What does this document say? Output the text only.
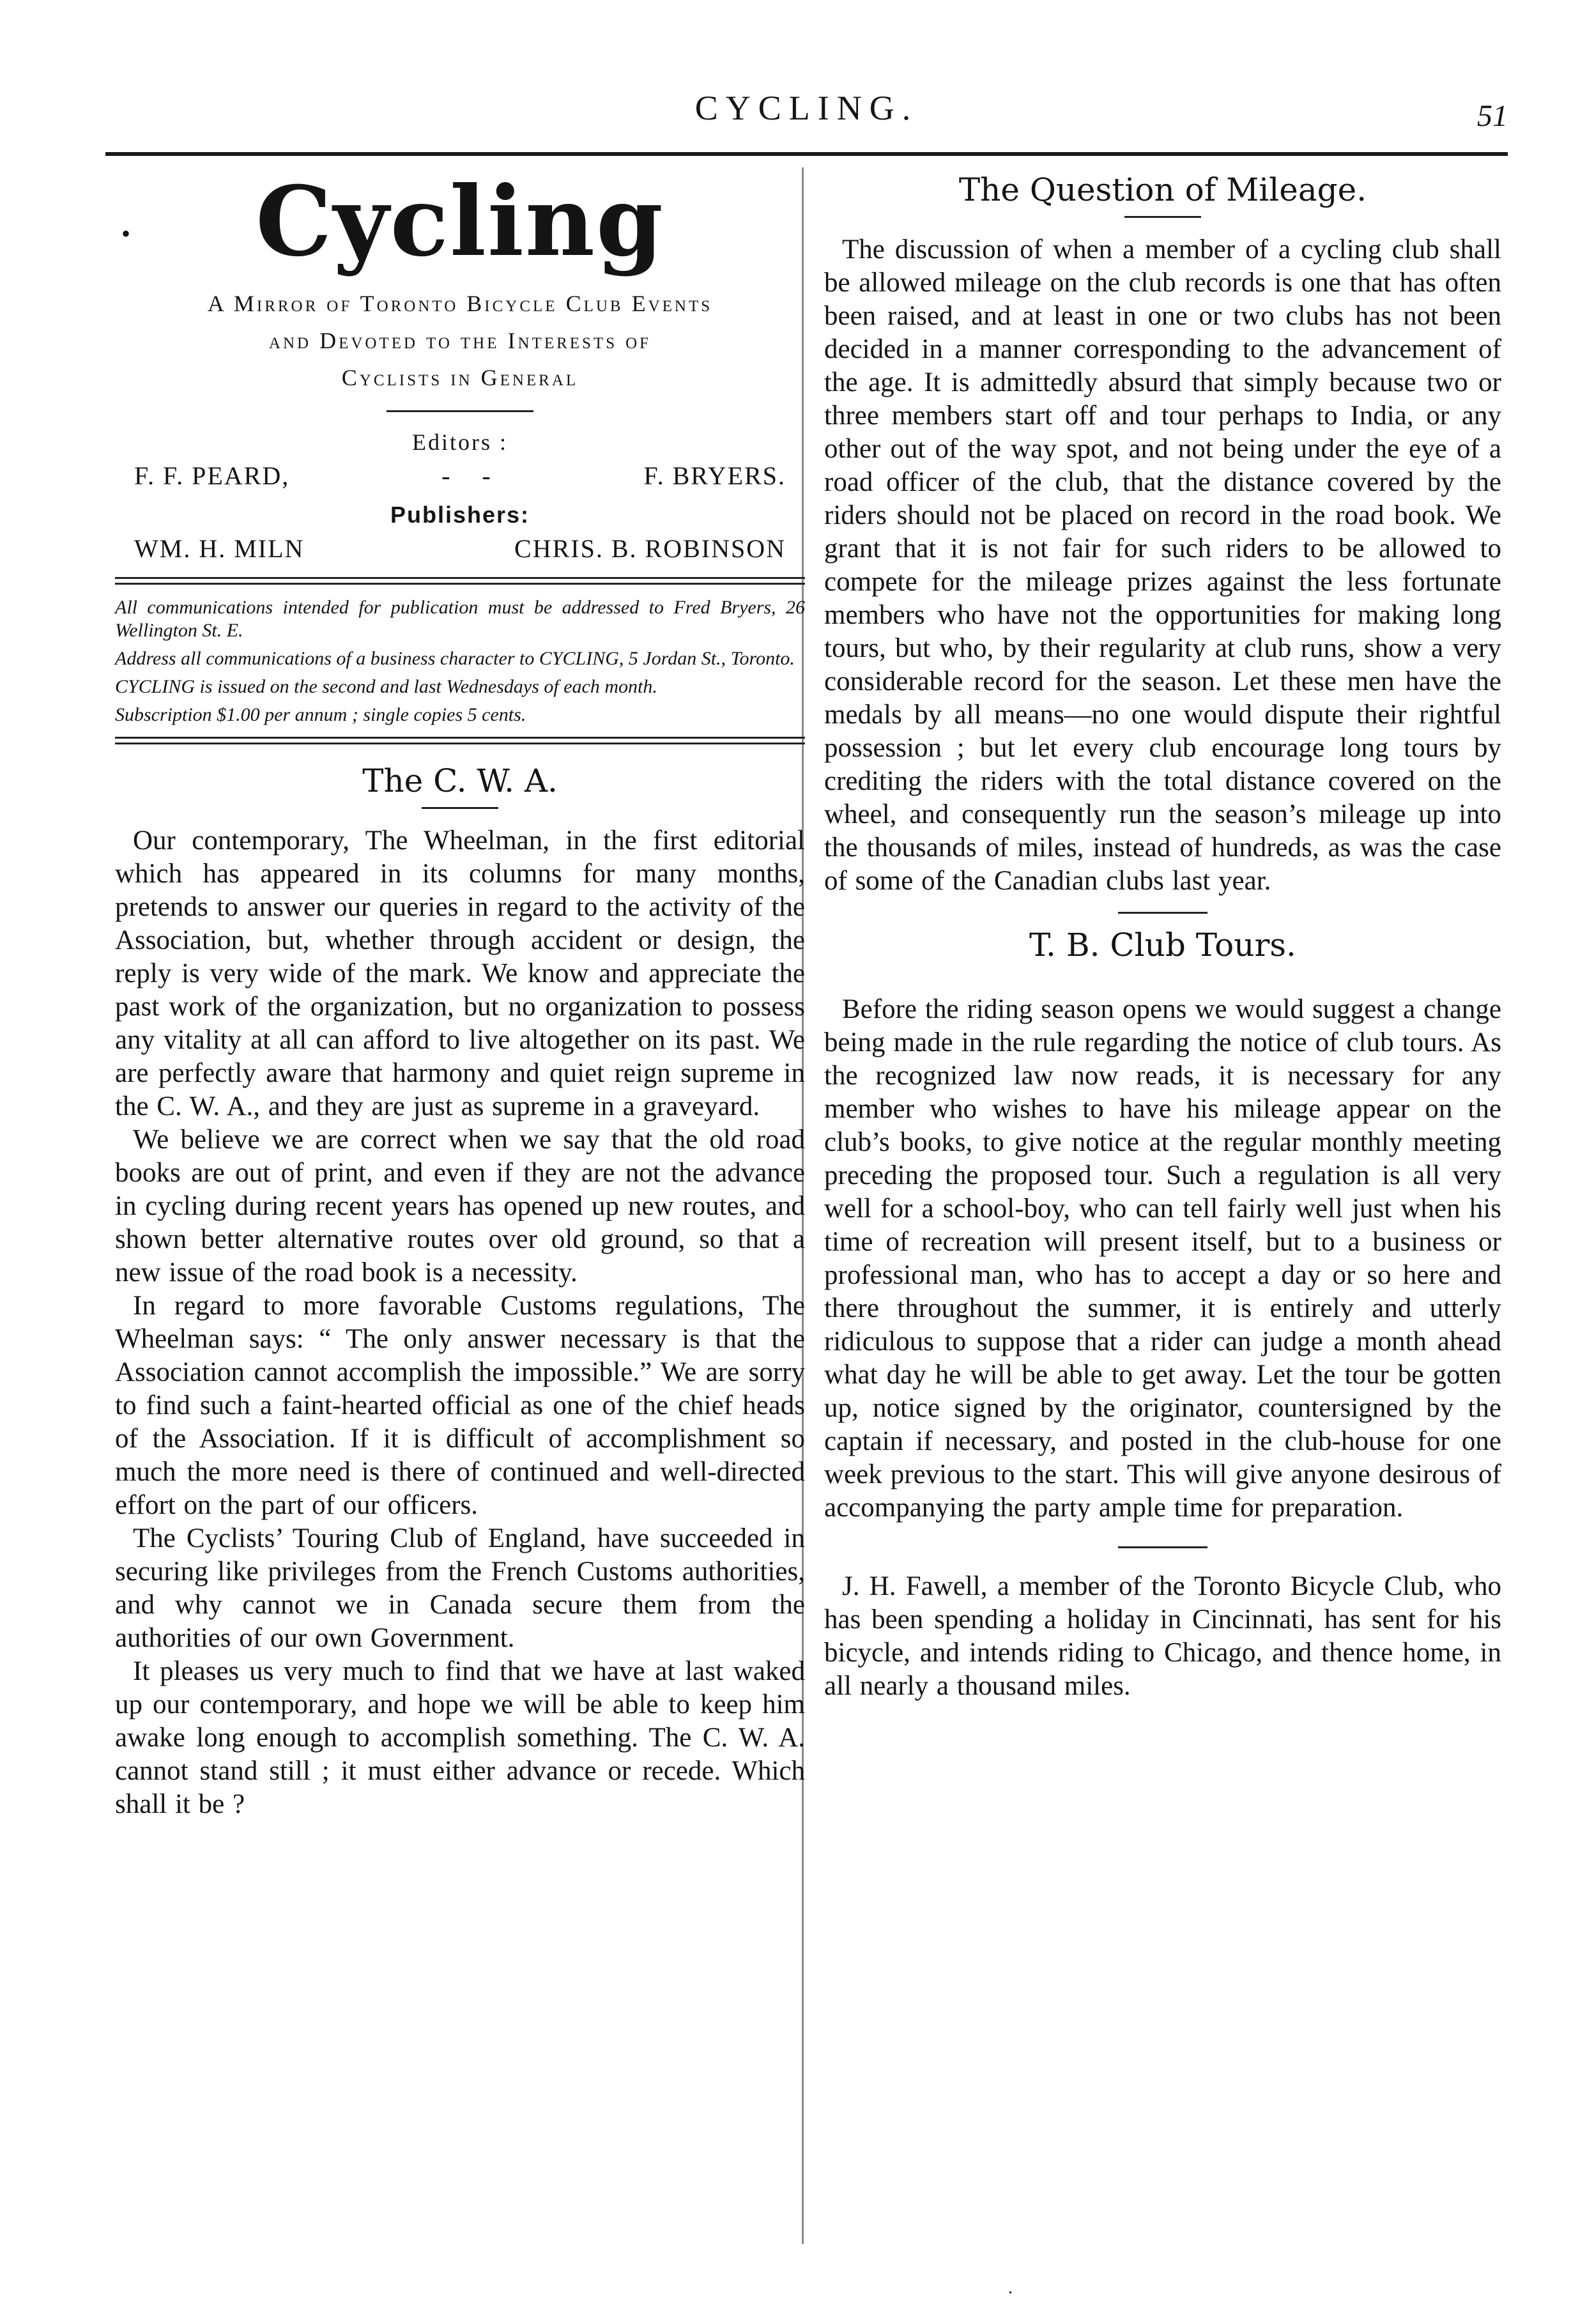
CYCLING.	51
•	Cycling
A Mirror of Toronto Bicycle Club Events
and Devoted to the Interests of
Cyclists in General
Editors :
F. F. PEARD,	-    -	F. BRYERS.
Publishers:
WM. H. MILN	CHRIS. B. ROBINSON
All communications intended for publication must be addressed to Fred Bryers, 26 Wellington St. E.
Address all communications of a business character to CYCLING, 5 Jordan St., Toronto.
CYCLING is issued on the second and last Wednesdays of each month.
Subscription $1.00 per annum ; single copies 5 cents.
The C. W. A.

Our contemporary, The Wheelman, in the first editorial which has appeared in its columns for many months, pretends to answer our queries in regard to the activity of the Association, but, whether through accident or design, the reply is very wide of the mark. We know and appreciate the past work of the organization, but no organization to possess any vitality at all can afford to live altogether on its past. We are perfectly aware that harmony and quiet reign supreme in the C. W. A., and they are just as supreme in a graveyard.

We believe we are correct when we say that the old road books are out of print, and even if they are not the advance in cycling during recent years has opened up new routes, and shown better alternative routes over old ground, so that a new issue of the road book is a necessity.

In regard to more favorable Customs regulations, The Wheelman says: “ The only answer necessary is that the Association cannot accomplish the impossible.” We are sorry to find such a faint-hearted official as one of the chief heads of the Association. If it is difficult of accomplishment so much the more need is there of continued and well-directed effort on the part of our officers.

The Cyclists’ Touring Club of England, have succeeded in securing like privileges from the French Customs authorities, and why cannot we in Canada secure them from the authorities of our own Government.

It pleases us very much to find that we have at last waked up our contemporary, and hope we will be able to keep him awake long enough to accomplish something. The C. W. A. cannot stand still ; it must either advance or recede. Which shall it be ?

The Question of Mileage.

The discussion of when a member of a cycling club shall be allowed mileage on the club records is one that has often been raised, and at least in one or two clubs has not been decided in a manner corresponding to the advancement of the age. It is admittedly absurd that simply because two or three members start off and tour perhaps to India, or any other out of the way spot, and not being under the eye of a road officer of the club, that the distance covered by the riders should not be placed on record in the road book. We grant that it is not fair for such riders to be allowed to compete for the mileage prizes against the less fortunate members who have not the opportunities for making long tours, but who, by their regularity at club runs, show a very considerable record for the season. Let these men have the medals by all means—no one would dispute their rightful possession ; but let every club encourage long tours by crediting the riders with the total distance covered on the wheel, and consequently run the season’s mileage up into the thousands of miles, instead of hundreds, as was the case of some of the Canadian clubs last year.

T. B. Club Tours.

Before the riding season opens we would suggest a change being made in the rule regarding the notice of club tours. As the recognized law now reads, it is necessary for any member who wishes to have his mileage appear on the club’s books, to give notice at the regular monthly meeting preceding the proposed tour. Such a regulation is all very well for a school-boy, who can tell fairly well just when his time of recreation will present itself, but to a business or professional man, who has to accept a day or so here and there throughout the summer, it is entirely and utterly ridiculous to suppose that a rider can judge a month ahead what day he will be able to get away. Let the tour be gotten up, notice signed by the originator, countersigned by the captain if necessary, and posted in the club-house for one week previous to the start. This will give anyone desirous of accompanying the party ample time for preparation.

J. H. Fawell, a member of the Toronto Bicycle Club, who has been spending a holiday in Cincinnati, has sent for his bicycle, and intends riding to Chicago, and thence home, in all nearly a thousand miles.

.
